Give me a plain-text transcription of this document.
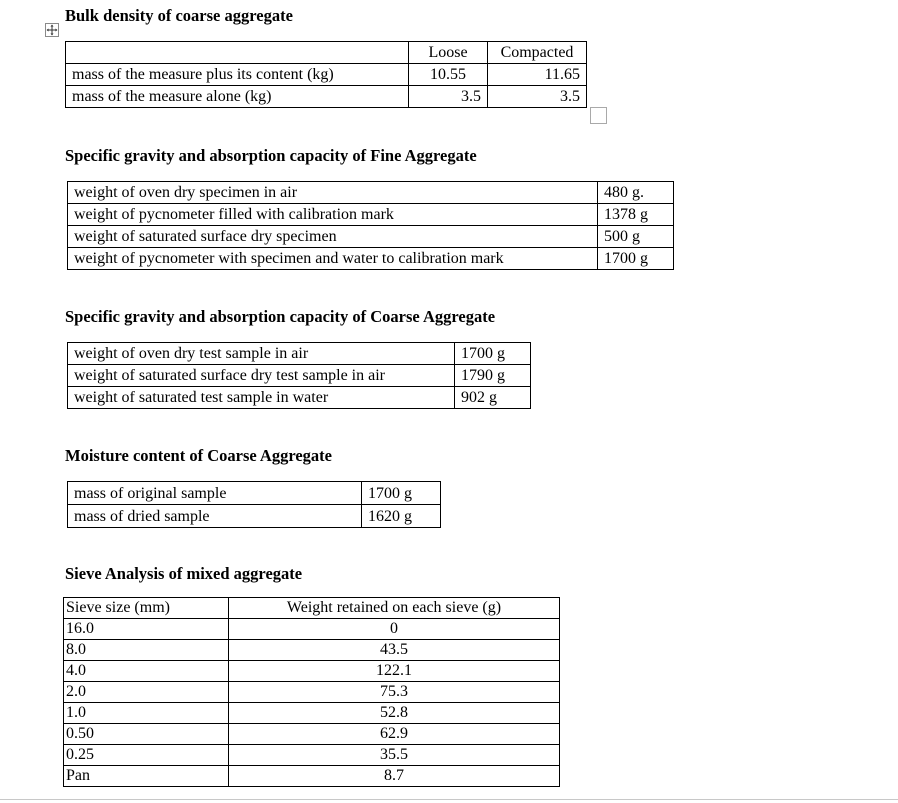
Bulk density of coarse aggregate
	Loose	Compacted
mass of the measure plus its content (kg)	10.55	11.65
mass of the measure alone (kg)	3.5	3.5
Specific gravity and absorption capacity of Fine Aggregate
weight of oven dry specimen in air	480 g.
weight of pycnometer filled with calibration mark	1378 g
weight of saturated surface dry specimen	500 g
weight of pycnometer with specimen and water to calibration mark	1700 g
Specific gravity and absorption capacity of Coarse Aggregate
weight of oven dry test sample in air	1700 g
weight of saturated surface dry test sample in air	1790 g
weight of saturated test sample in water	902 g
Moisture content of Coarse Aggregate
mass of original sample	1700 g
mass of dried sample	1620 g
Sieve Analysis of mixed aggregate
Sieve size (mm)	Weight retained on each sieve (g)
16.0	0
8.0	43.5
4.0	122.1
2.0	75.3
1.0	52.8
0.50	62.9
0.25	35.5
Pan	8.7
